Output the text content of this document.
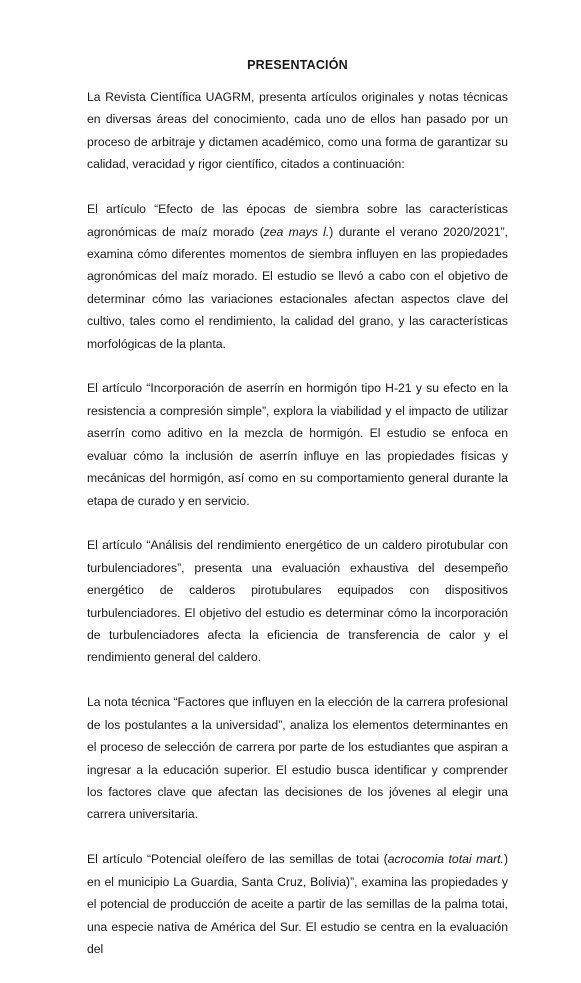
PRESENTACIÓN

La Revista Científica UAGRM, presenta artículos originales y notas técnicas en diversas áreas del conocimiento, cada uno de ellos han pasado por un proceso de arbitraje y dictamen académico, como una forma de garantizar su calidad, veracidad y rigor científico, citados a continuación:

El artículo “Efecto de las épocas de siembra sobre las características agronómicas de maíz morado (zea mays l.) durante el verano 2020/2021”, examina cómo diferentes momentos de siembra influyen en las propiedades agronómicas del maíz morado. El estudio se llevó a cabo con el objetivo de determinar cómo las variaciones estacionales afectan aspectos clave del cultivo, tales como el rendimiento, la calidad del grano, y las características morfológicas de la planta.

El artículo “Incorporación de aserrín en hormigón tipo H-21 y su efecto en la resistencia a compresión simple”, explora la viabilidad y el impacto de utilizar aserrín como aditivo en la mezcla de hormigón. El estudio se enfoca en evaluar cómo la inclusión de aserrín influye en las propiedades físicas y mecánicas del hormigón, así como en su comportamiento general durante la etapa de curado y en servicio.

El artículo “Análisis del rendimiento energético de un caldero pirotubular con turbulenciadores”, presenta una evaluación exhaustiva del desempeño energético de calderos pirotubulares equipados con dispositivos turbulenciadores. El objetivo del estudio es determinar cómo la incorporación de turbulenciadores afecta la eficiencia de transferencia de calor y el rendimiento general del caldero.

La nota técnica “Factores que influyen en la elección de la carrera profesional de los postulantes a la universidad”, analiza los elementos determinantes en el proceso de selección de carrera por parte de los estudiantes que aspiran a ingresar a la educación superior. El estudio busca identificar y comprender los factores clave que afectan las decisiones de los jóvenes al elegir una carrera universitaria.

El artículo “Potencial oleífero de las semillas de totai (acrocomia totai mart.) en el municipio La Guardia, Santa Cruz, Bolivia)”, examina las propiedades y el potencial de producción de aceite a partir de las semillas de la palma totai, una especie nativa de América del Sur. El estudio se centra en la evaluación del
